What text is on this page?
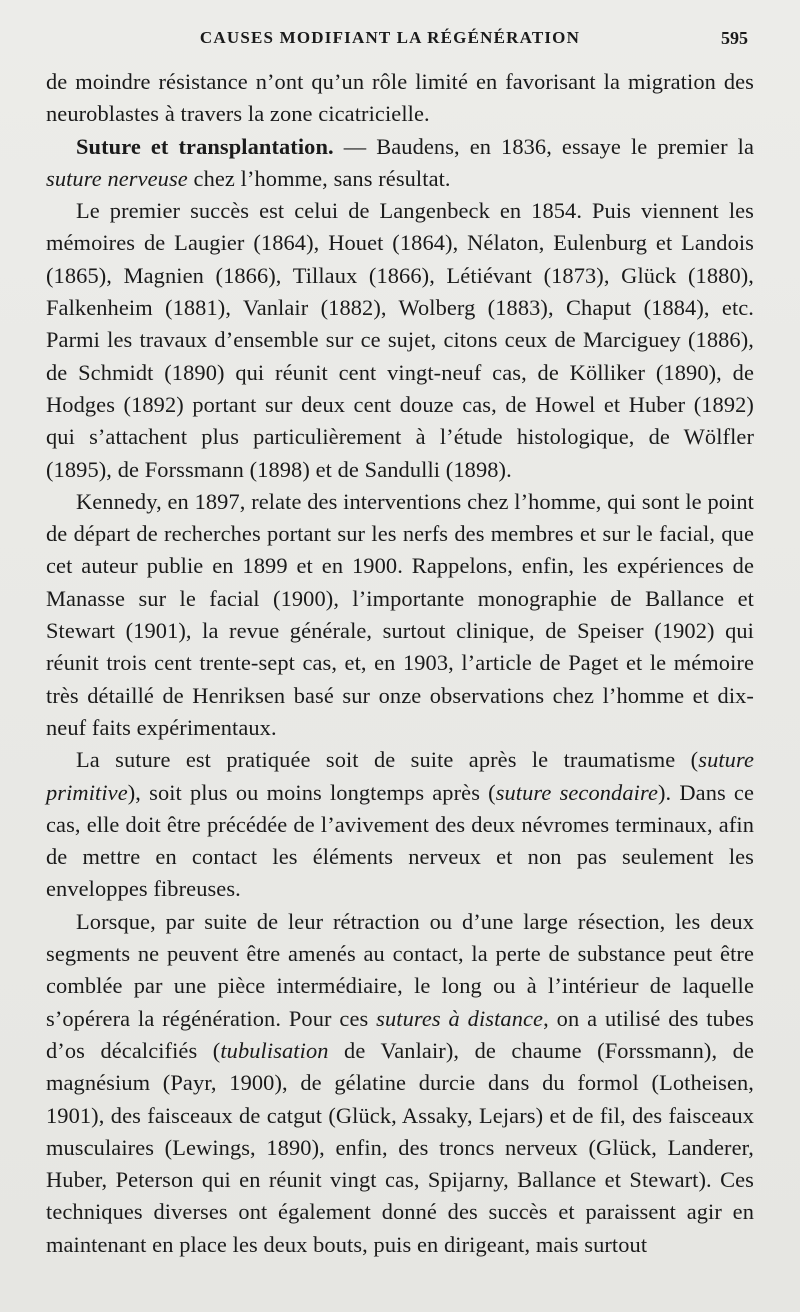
CAUSES MODIFIANT LA RÉGÉNÉRATION	595

de moindre résistance n’ont qu’un rôle limité en favorisant la migration des neuroblastes à travers la zone cicatricielle.

Suture et transplantation. — Baudens, en 1836, essaye le premier la suture nerveuse chez l’homme, sans résultat.

Le premier succès est celui de Langenbeck en 1854. Puis viennent les mémoires de Laugier (1864), Houet (1864), Nélaton, Eulenburg et Landois (1865), Magnien (1866), Tillaux (1866), Létiévant (1873), Glück (1880), Falkenheim (1881), Vanlair (1882), Wolberg (1883), Chaput (1884), etc. Parmi les travaux d’ensemble sur ce sujet, citons ceux de Marciguey (1886), de Schmidt (1890) qui réunit cent vingt-neuf cas, de Kölliker (1890), de Hodges (1892) portant sur deux cent douze cas, de Howel et Huber (1892) qui s’attachent plus particulièrement à l’étude histologique, de Wölfler (1895), de Forssmann (1898) et de Sandulli (1898).

Kennedy, en 1897, relate des interventions chez l’homme, qui sont le point de départ de recherches portant sur les nerfs des membres et sur le facial, que cet auteur publie en 1899 et en 1900. Rappelons, enfin, les expériences de Manasse sur le facial (1900), l’importante monographie de Ballance et Stewart (1901), la revue générale, surtout clinique, de Speiser (1902) qui réunit trois cent trente-sept cas, et, en 1903, l’article de Paget et le mémoire très détaillé de Henriksen basé sur onze observations chez l’homme et dix-neuf faits expérimentaux.

La suture est pratiquée soit de suite après le traumatisme (suture primitive), soit plus ou moins longtemps après (suture secondaire). Dans ce cas, elle doit être précédée de l’avivement des deux névromes terminaux, afin de mettre en contact les éléments nerveux et non pas seulement les enveloppes fibreuses.

Lorsque, par suite de leur rétraction ou d’une large résection, les deux segments ne peuvent être amenés au contact, la perte de substance peut être comblée par une pièce intermédiaire, le long ou à l’intérieur de laquelle s’opérera la régénération. Pour ces sutures à distance, on a utilisé des tubes d’os décalcifiés (tubulisation de Vanlair), de chaume (Forssmann), de magnésium (Payr, 1900), de gélatine durcie dans du formol (Lotheisen, 1901), des faisceaux de catgut (Glück, Assaky, Lejars) et de fil, des faisceaux musculaires (Lewings, 1890), enfin, des troncs nerveux (Glück, Landerer, Huber, Peterson qui en réunit vingt cas, Spijarny, Ballance et Stewart). Ces techniques diverses ont également donné des succès et paraissent agir en maintenant en place les deux bouts, puis en dirigeant, mais surtout
